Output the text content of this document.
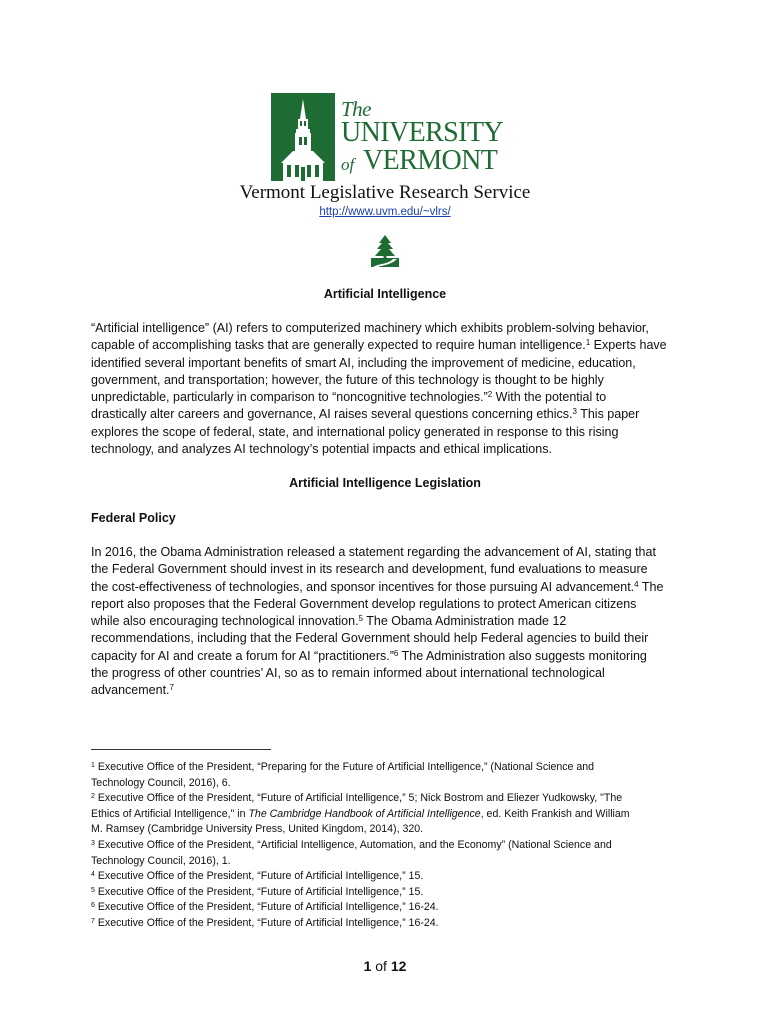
The
UNIVERSITY
of VERMONT
Vermont Legislative Research Service
http://www.uvm.edu/~vlrs/
Artificial Intelligence
“Artificial intelligence” (AI) refers to computerized machinery which exhibits problem-solving behavior,
capable of accomplishing tasks that are generally expected to require human intelligence.$^1$ Experts have
identified several important benefits of smart AI, including the improvement of medicine, education,
government, and transportation; however, the future of this technology is thought to be highly
unpredictable, particularly in comparison to “noncognitive technologies.”$^2$ With the potential to
drastically alter careers and governance, AI raises several questions concerning ethics.$^3$ This paper
explores the scope of federal, state, and international policy generated in response to this rising
technology, and analyzes AI technology’s potential impacts and ethical implications.
Artificial Intelligence Legislation
Federal Policy
In 2016, the Obama Administration released a statement regarding the advancement of AI, stating that
the Federal Government should invest in its research and development, fund evaluations to measure
the cost-effectiveness of technologies, and sponsor incentives for those pursuing AI advancement.$^4$ The
report also proposes that the Federal Government develop regulations to protect American citizens
while also encouraging technological innovation.$^5$ The Obama Administration made 12
recommendations, including that the Federal Government should help Federal agencies to build their
capacity for AI and create a forum for AI “practitioners.”$^6$ The Administration also suggests monitoring
the progress of other countries’ AI, so as to remain informed about international technological
advancement.$^7$
$^1$ Executive Office of the President, “Preparing for the Future of Artificial Intelligence,” (National Science and
Technology Council, 2016), 6.
$^2$ Executive Office of the President, “Future of Artificial Intelligence,” 5; Nick Bostrom and Eliezer Yudkowsky, "The
Ethics of Artificial Intelligence," in The Cambridge Handbook of Artificial Intelligence, ed. Keith Frankish and William
M. Ramsey (Cambridge University Press, United Kingdom, 2014), 320.
$^3$ Executive Office of the President, “Artificial Intelligence, Automation, and the Economy” (National Science and
Technology Council, 2016), 1.
$^4$ Executive Office of the President, “Future of Artificial Intelligence,” 15.
$^5$ Executive Office of the President, “Future of Artificial Intelligence,” 15.
$^6$ Executive Office of the President, “Future of Artificial Intelligence,” 16-24.
$^7$ Executive Office of the President, “Future of Artificial Intelligence,” 16-24.
1 of 12
